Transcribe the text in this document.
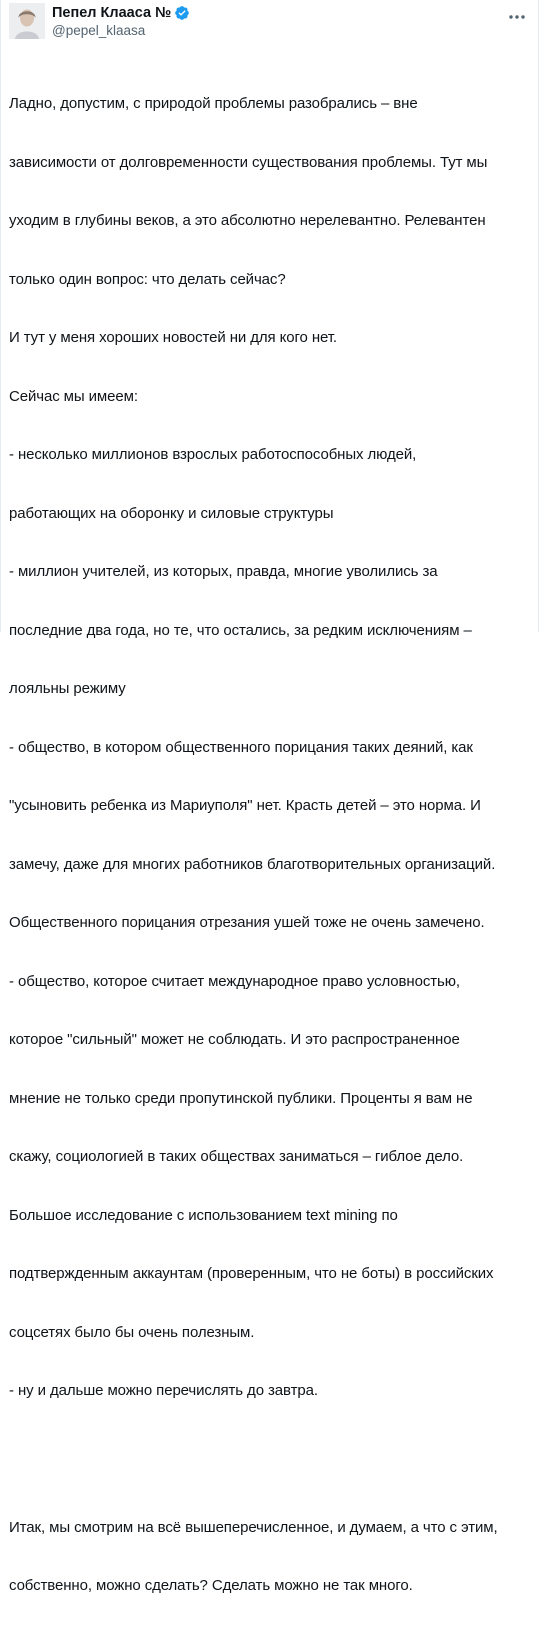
Пепел Клааса №
@pepel_klaasa

Ладно, допустим, с природой проблемы разобрались – вне

зависимости от долговременности существования проблемы. Тут мы

уходим в глубины веков, а это абсолютно нерелевантно. Релевантен

только один вопрос: что делать сейчас?

И тут у меня хороших новостей ни для кого нет.

Сейчас мы имеем:

- несколько миллионов взрослых работоспособных людей,

работающих на оборонку и силовые структуры

- миллион учителей, из которых, правда, многие уволились за

последние два года, но те, что остались, за редким исключениям –

лояльны режиму

- общество, в котором общественного порицания таких деяний, как

"усыновить ребенка из Мариуполя" нет. Красть детей – это норма. И

замечу, даже для многих работников благотворительных организаций.

Общественного порицания отрезания ушей тоже не очень замечено.

- общество, которое считает международное право условностью,

которое "сильный" может не соблюдать. И это распространенное

мнение не только среди пропутинской публики. Проценты я вам не

скажу, социологией в таких обществах заниматься – гиблое дело.

Большое исследование с использованием text mining по

подтвержденным аккаунтам (проверенным, что не боты) в российских

соцсетях было бы очень полезным.

- ну и дальше можно перечислять до завтра.

Итак, мы смотрим на всё вышеперечисленное, и думаем, а что с этим,

собственно, можно сделать? Сделать можно не так много.
